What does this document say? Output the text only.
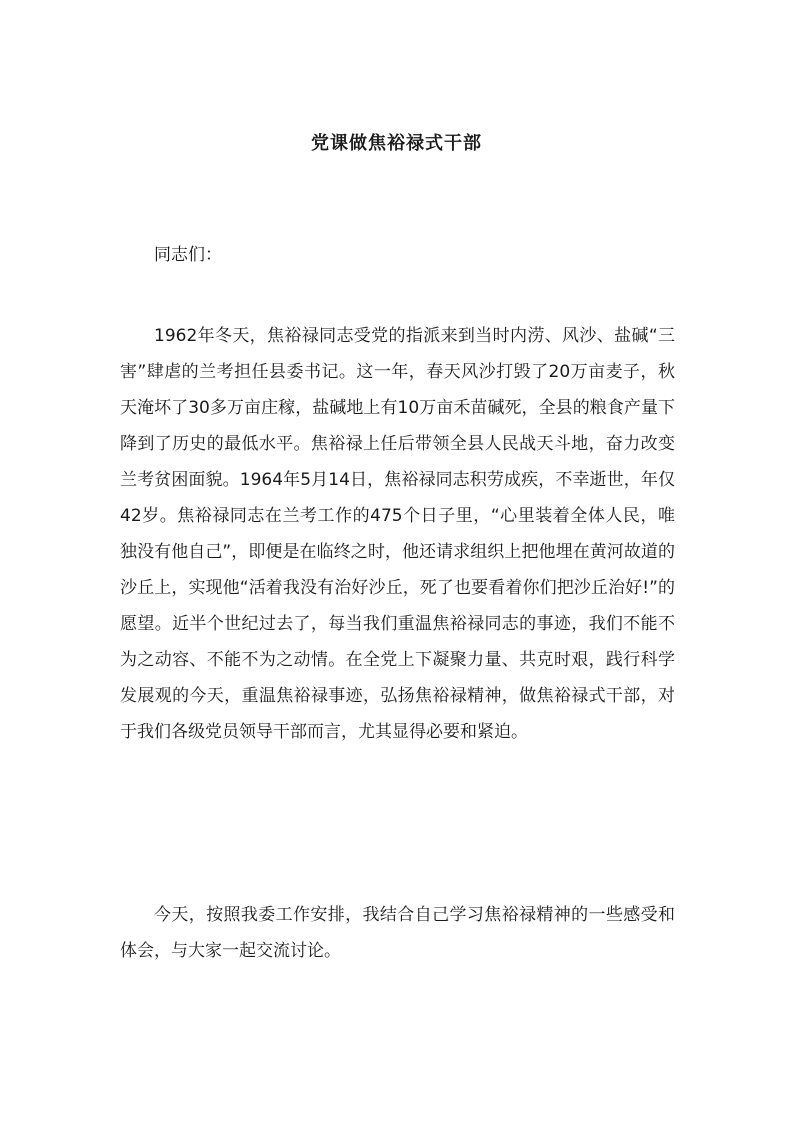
党课做焦裕禄式干部

同志们：

1962年冬天，焦裕禄同志受党的指派来到当时内涝、风沙、盐碱“三害”肆虐的兰考担任县委书记。这一年，春天风沙打毁了20万亩麦子，秋天淹坏了30多万亩庄稼，盐碱地上有10万亩禾苗碱死，全县的粮食产量下降到了历史的最低水平。焦裕禄上任后带领全县人民战天斗地，奋力改变兰考贫困面貌。1964年5月14日，焦裕禄同志积劳成疾，不幸逝世，年仅42岁。焦裕禄同志在兰考工作的475个日子里，“心里装着全体人民，唯独没有他自己”，即便是在临终之时，他还请求组织上把他埋在黄河故道的沙丘上，实现他“活着我没有治好沙丘，死了也要看着你们把沙丘治好!”的愿望。近半个世纪过去了，每当我们重温焦裕禄同志的事迹，我们不能不为之动容、不能不为之动情。在全党上下凝聚力量、共克时艰，践行科学发展观的今天，重温焦裕禄事迹，弘扬焦裕禄精神，做焦裕禄式干部，对于我们各级党员领导干部而言，尤其显得必要和紧迫。

今天，按照我委工作安排，我结合自己学习焦裕禄精神的一些感受和体会，与大家一起交流讨论。
